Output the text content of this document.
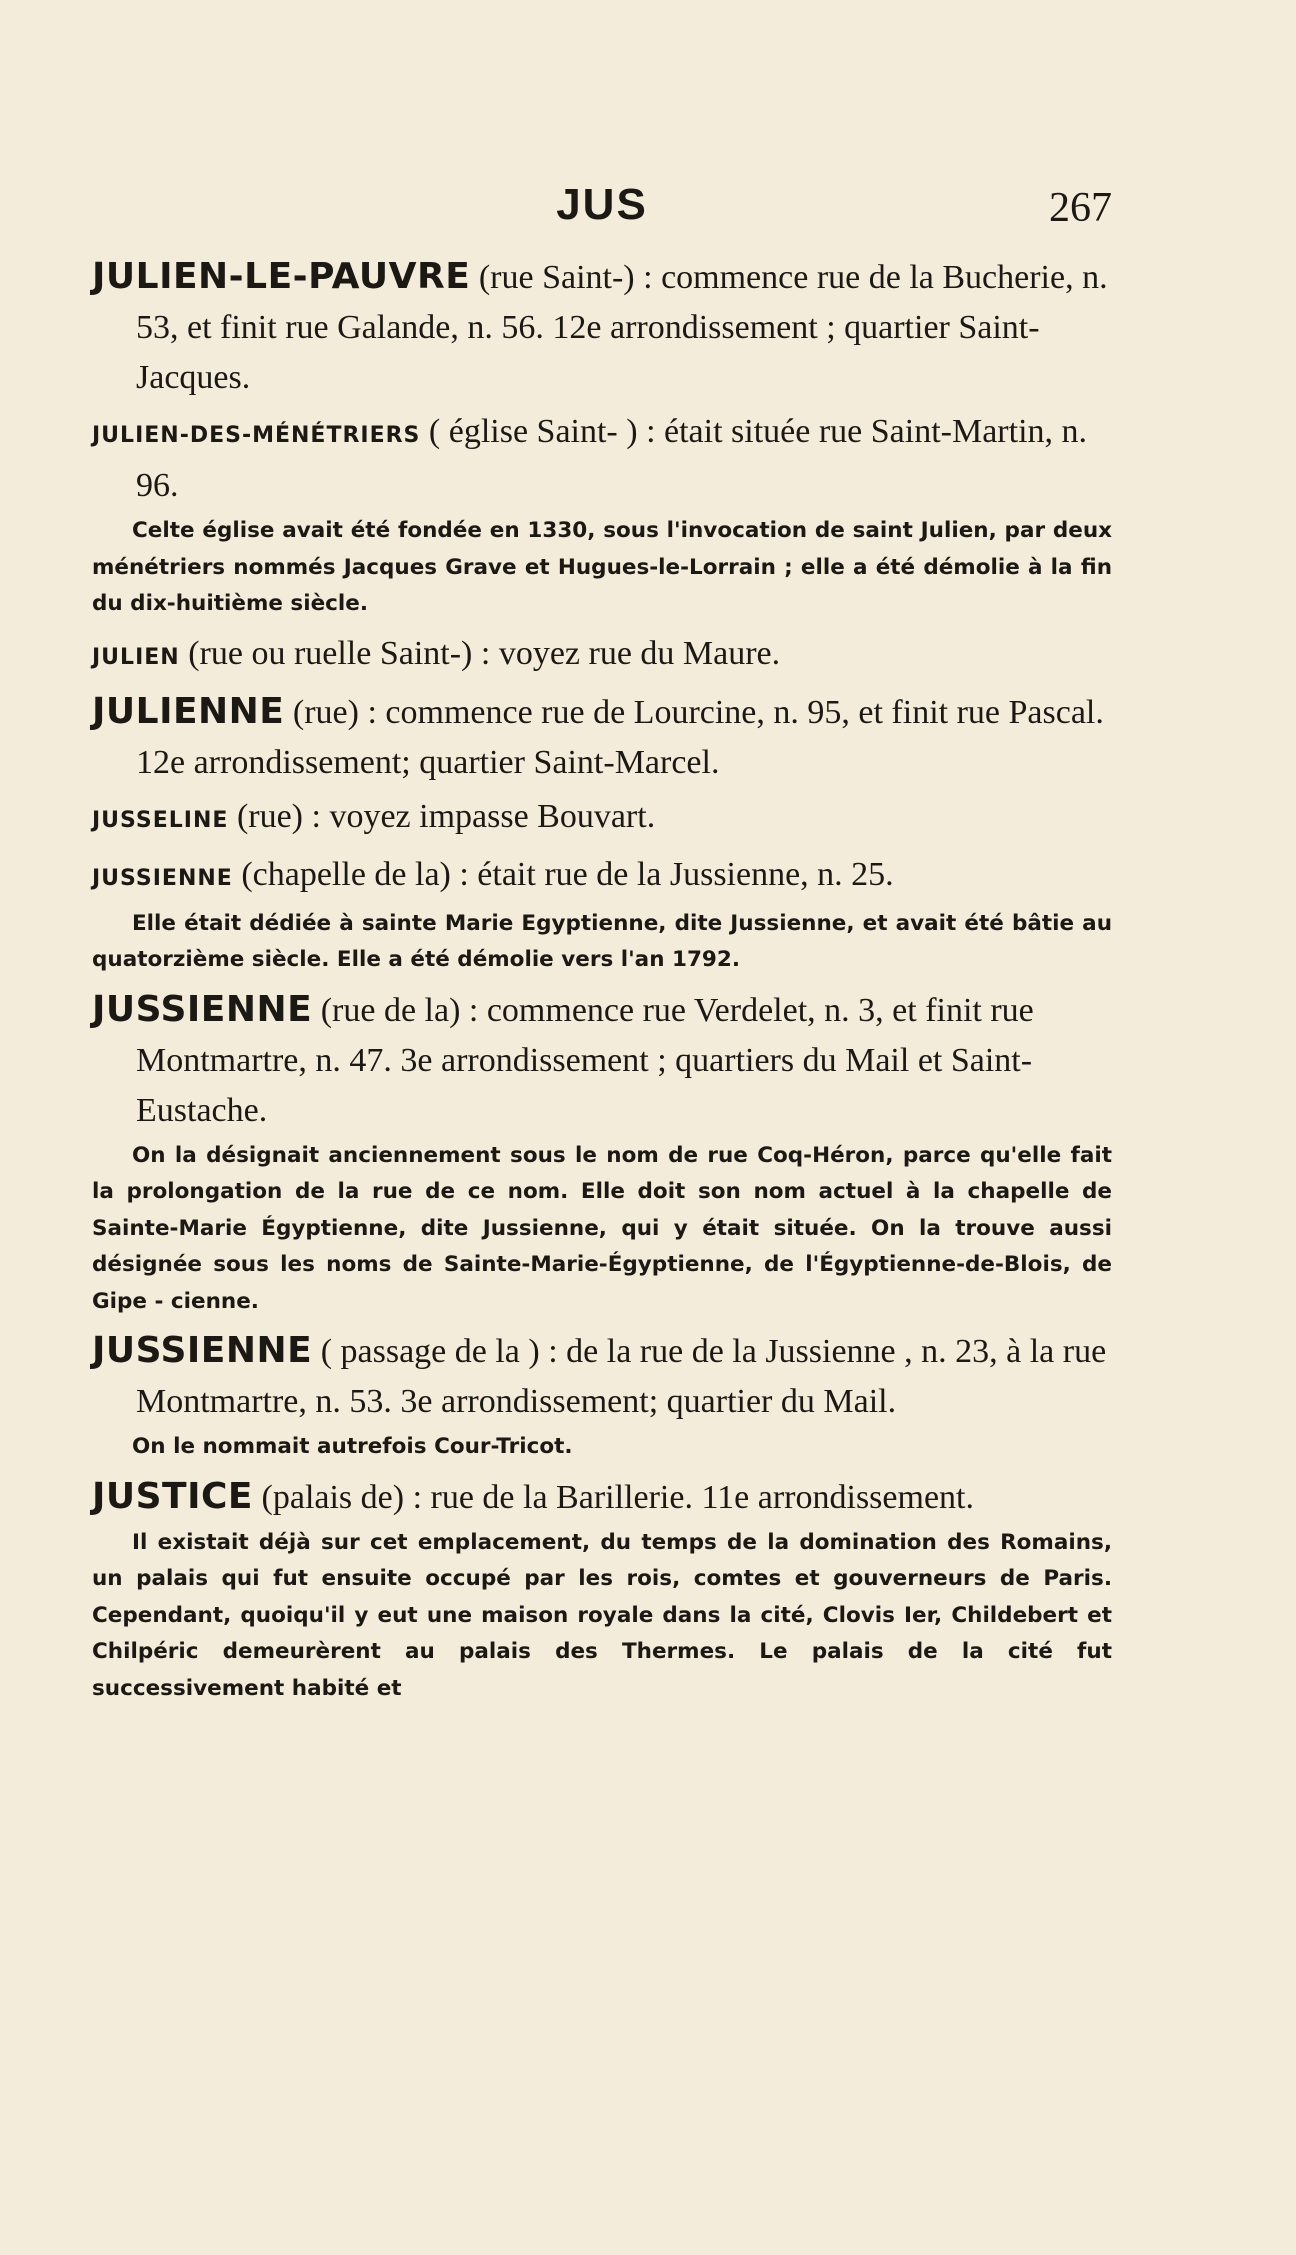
JUS	267

JULIEN-LE-PAUVRE (rue Saint-) : commence rue de la Bucherie, n. 53, et finit rue Galande, n. 56. 12e arrondissement ; quartier Saint-Jacques.

JULIEN-DES-MÉNÉTRIERS ( église Saint- ) : était située rue Saint-Martin, n. 96.

Celte église avait été fondée en 1330, sous l'invocation de saint Julien, par deux ménétriers nommés Jacques Grave et Hugues-le-Lorrain ; elle a été démolie à la fin du dix-huitième siècle.

JULIEN (rue ou ruelle Saint-) : voyez rue du Maure.

JULIENNE (rue) : commence rue de Lourcine, n. 95, et finit rue Pascal. 12e arrondissement; quartier Saint-Marcel.

JUSSELINE (rue) : voyez impasse Bouvart.

JUSSIENNE (chapelle de la) : était rue de la Jussienne, n. 25.

Elle était dédiée à sainte Marie Egyptienne, dite Jussienne, et avait été bâtie au quatorzième siècle. Elle a été démolie vers l'an 1792.

JUSSIENNE (rue de la) : commence rue Verdelet, n. 3, et finit rue Montmartre, n. 47. 3e arrondissement ; quartiers du Mail et Saint-Eustache.

On la désignait anciennement sous le nom de rue Coq-Héron, parce qu'elle fait la prolongation de la rue de ce nom. Elle doit son nom actuel à la chapelle de Sainte-Marie Égyptienne, dite Jussienne, qui y était située. On la trouve aussi désignée sous les noms de Sainte-Marie-Égyptienne, de l'Égyptienne-de-Blois, de Gipe - cienne.

JUSSIENNE ( passage de la ) : de la rue de la Jussienne , n. 23, à la rue Montmartre, n. 53. 3e arrondissement; quartier du Mail.

On le nommait autrefois Cour-Tricot.

JUSTICE (palais de) : rue de la Barillerie. 11e arrondissement.

Il existait déjà sur cet emplacement, du temps de la domination des Romains, un palais qui fut ensuite occupé par les rois, comtes et gouverneurs de Paris. Cependant, quoiqu'il y eut une maison royale dans la cité, Clovis Ier, Childebert et Chilpéric demeurèrent au palais des Thermes. Le palais de la cité fut successivement habité et
